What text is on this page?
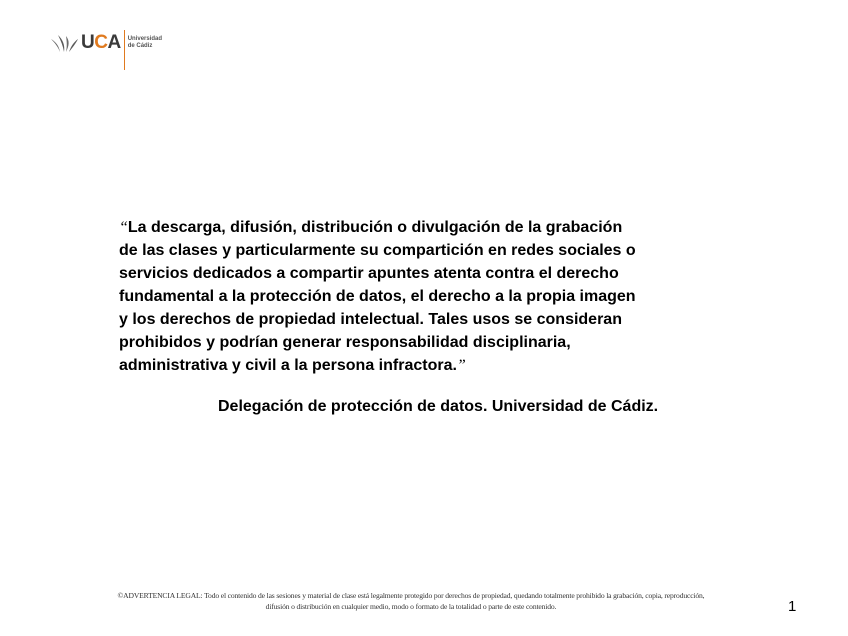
UCA Universidad
de Cádiz
“La descarga, difusión, distribución o divulgación de la grabación
de las clases y particularmente su compartición en redes sociales o
servicios dedicados a compartir apuntes atenta contra el derecho
fundamental a la protección de datos, el derecho a la propia imagen
y los derechos de propiedad intelectual. Tales usos se consideran
prohibidos y podrían generar responsabilidad disciplinaria,
administrativa y civil a la persona infractora.”
Delegación de protección de datos. Universidad de Cádiz.
©ADVERTENCIA LEGAL: Todo el contenido de las sesiones y material de clase está legalmente protegido por derechos de propiedad, quedando totalmente prohibido la grabación, copia, reproducción,
difusión o distribución en cualquier medio, modo o formato de la totalidad o parte de este contenido.	1
